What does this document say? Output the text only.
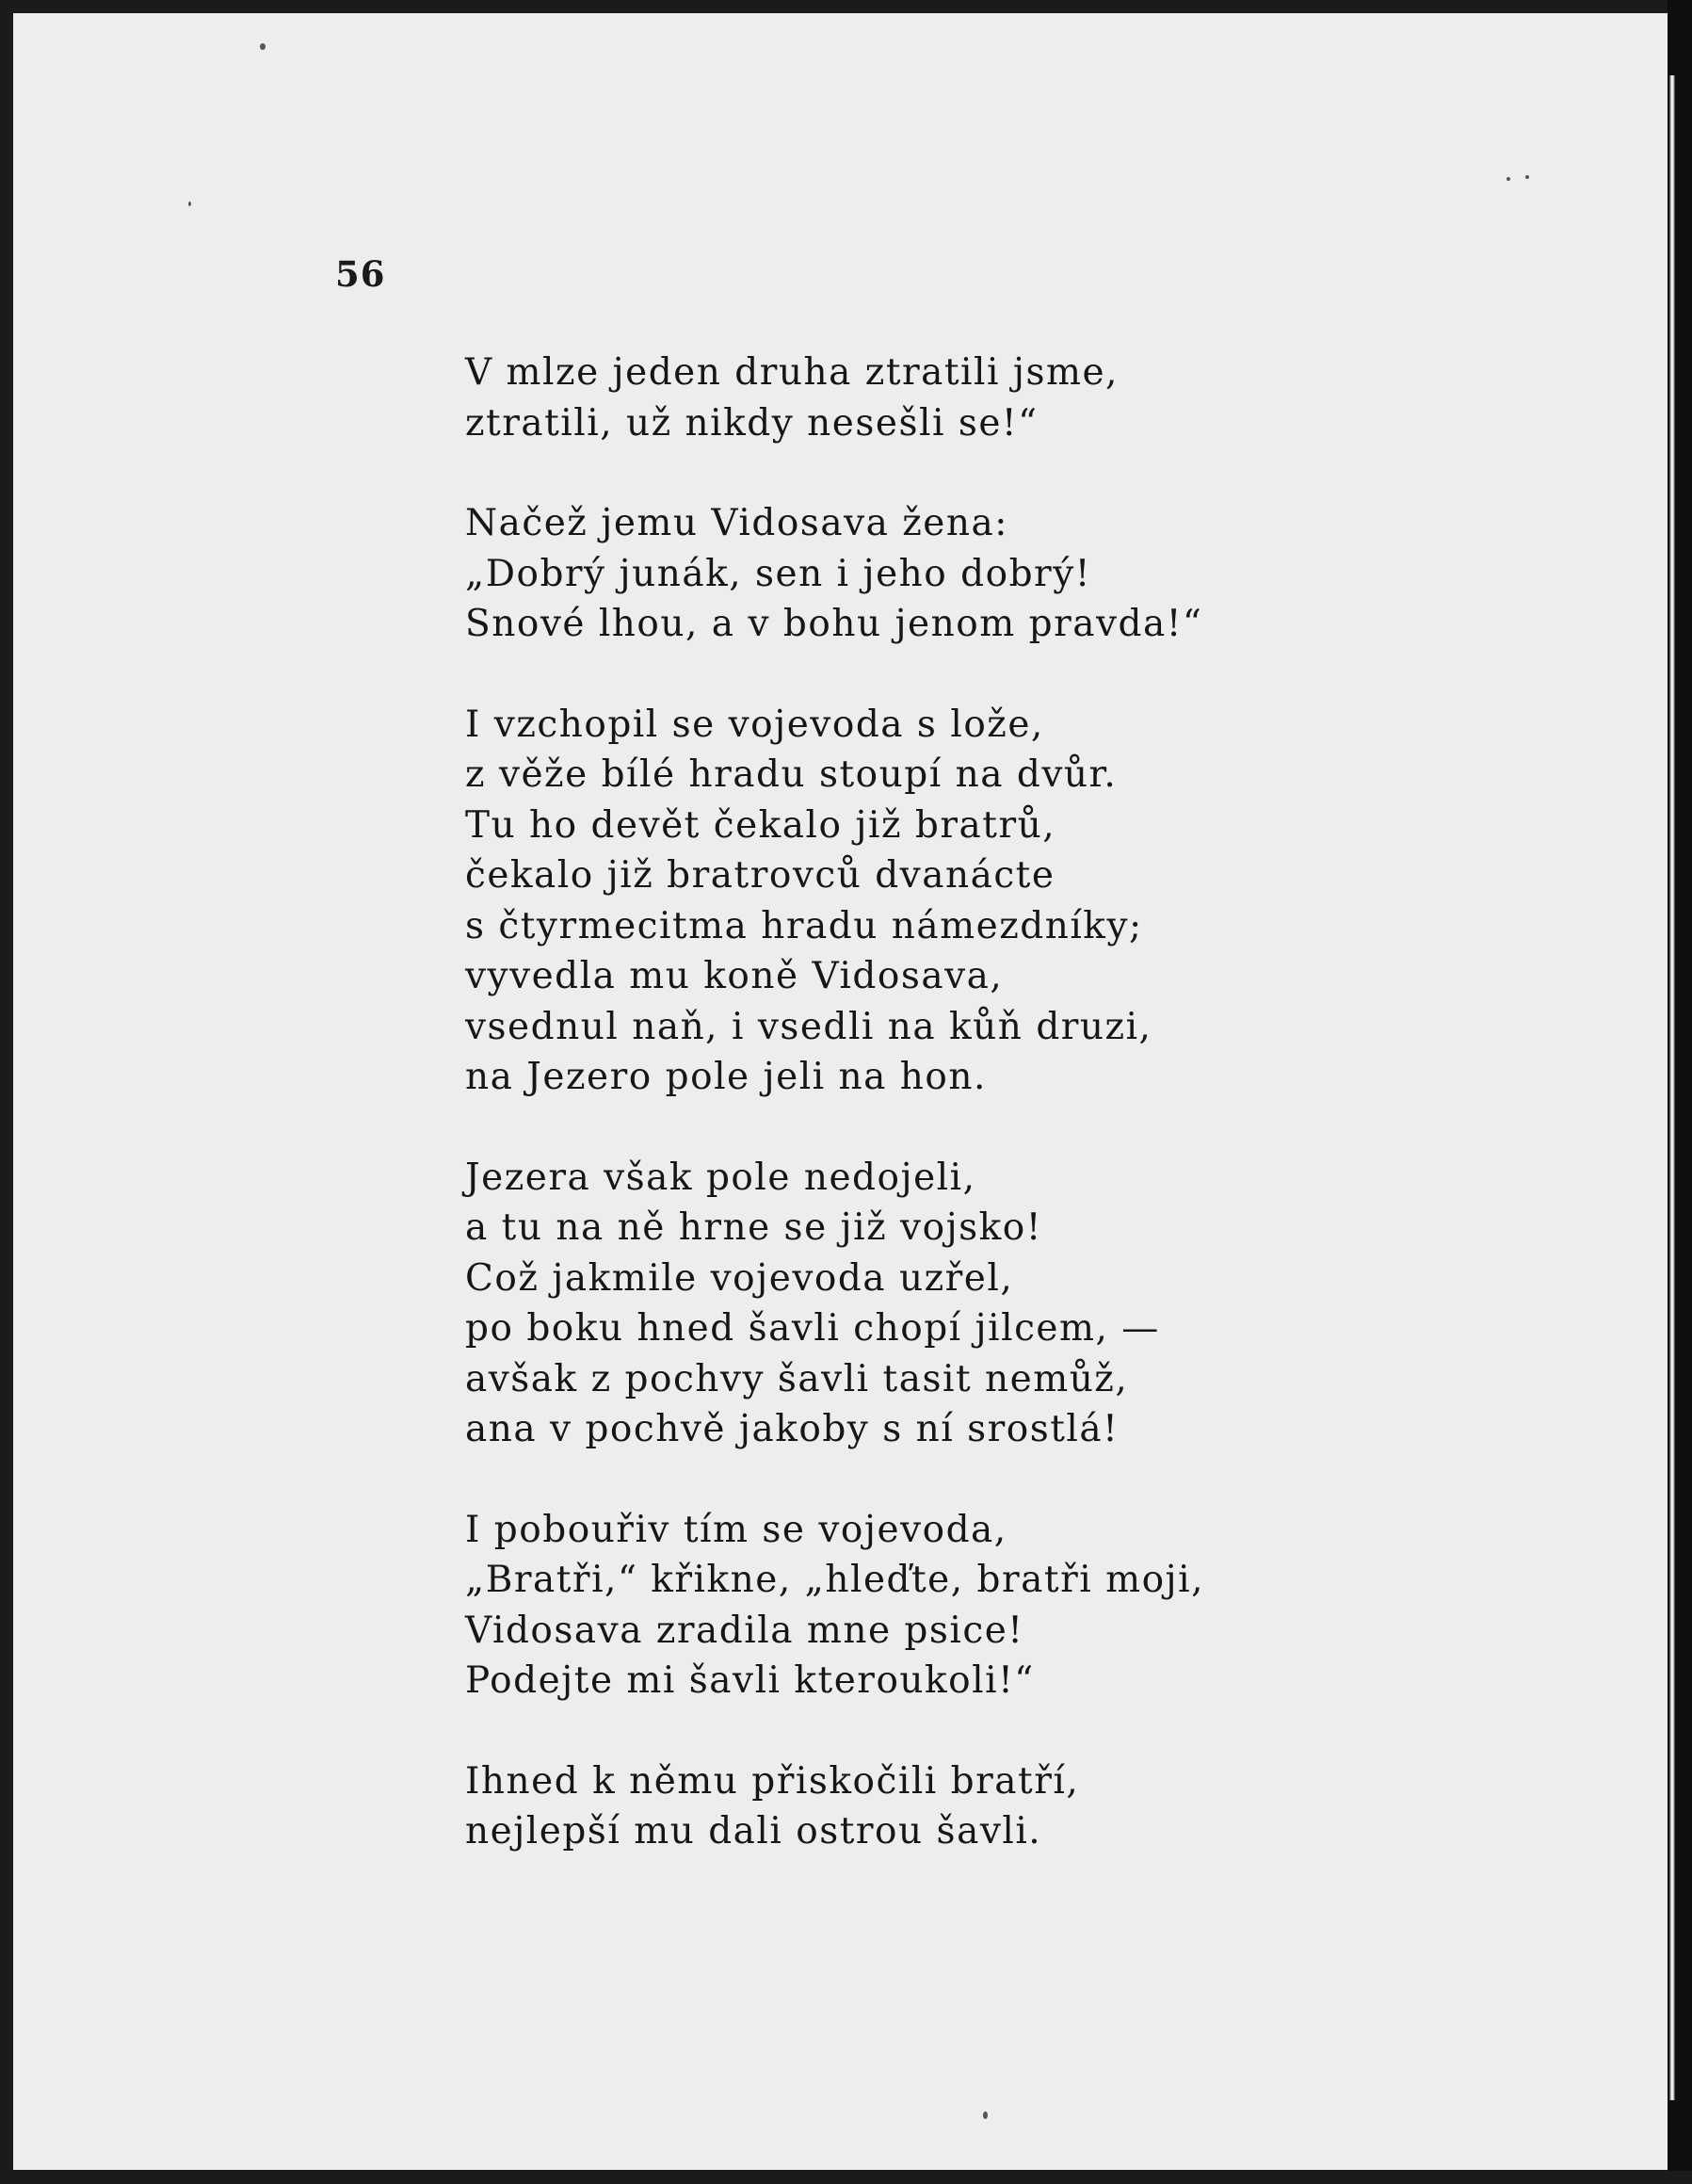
56
V mlze jeden druha ztratili jsme,
ztratili, už nikdy nesešli se!“
Načež jemu Vidosava žena:
„Dobrý junák, sen i jeho dobrý!
Snové lhou, a v bohu jenom pravda!“
I vzchopil se vojevoda s lože,
z věže bílé hradu stoupí na dvůr.
Tu ho devět čekalo již bratrů,
čekalo již bratrovců dvanácte
s čtyrmecitma hradu námezdníky;
vyvedla mu koně Vidosava,
vsednul naň, i vsedli na kůň druzi,
na Jezero pole jeli na hon.
Jezera však pole nedojeli,
a tu na ně hrne se již vojsko!
Což jakmile vojevoda uzřel,
po boku hned šavli chopí jilcem, —
avšak z pochvy šavli tasit nemůž,
ana v pochvě jakoby s ní srostlá!
I pobouřiv tím se vojevoda,
„Bratři,“ křikne, „hleďte, bratři moji,
Vidosava zradila mne psice!
Podejte mi šavli kteroukoli!“
Ihned k němu přiskočili bratří,
nejlepší mu dali ostrou šavli.
